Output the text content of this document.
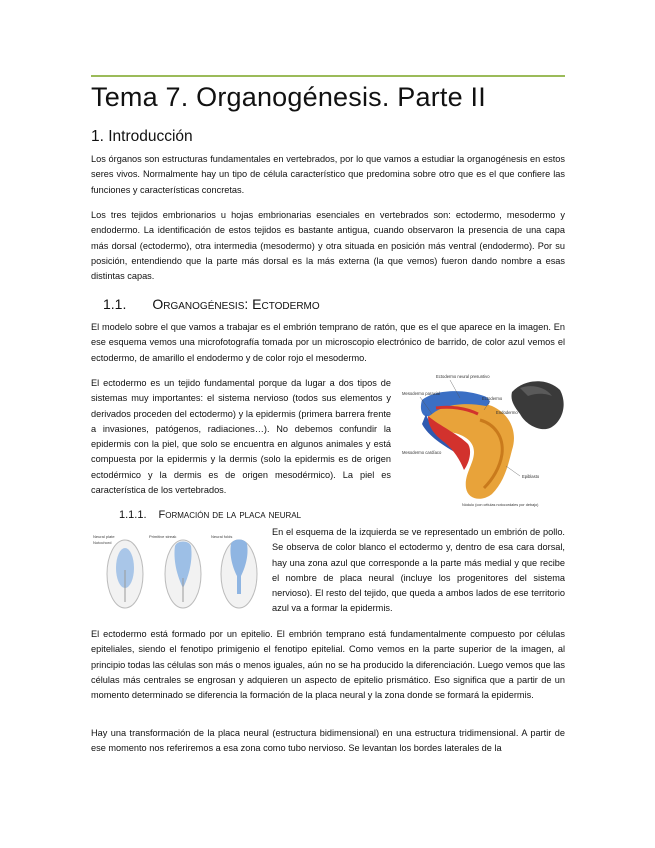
Tema 7. Organogénesis. Parte II
1. Introducción

Los órganos son estructuras fundamentales en vertebrados, por lo que vamos a estudiar la organogénesis en estos seres vivos. Normalmente hay un tipo de célula característico que predomina sobre otro que es el que confiere las funciones y características concretas.

Los tres tejidos embrionarios u hojas embrionarias esenciales en vertebrados son: ectodermo, mesodermo y endodermo. La identificación de estos tejidos es bastante antigua, cuando observaron la presencia de una capa más dorsal (ectodermo), otra intermedia (mesodermo) y otra situada en posición más ventral (endodermo). Por su posición, entendiendo que la parte más dorsal es la más externa (la que vemos) fueron dando nombre a esas distintas capas.

1.1. Organogénesis: Ectodermo

El modelo sobre el que vamos a trabajar es el embrión temprano de ratón, que es el que aparece en la imagen. En ese esquema vemos una microfotografía tomada por un microscopio electrónico de barrido, de color azul vemos el ectodermo, de amarillo el endodermo y de color rojo el mesodermo.

El ectodermo es un tejido fundamental porque da lugar a dos tipos de sistemas muy importantes: el sistema nervioso (todos sus elementos y derivados proceden del ectodermo) y la epidermis (primera barrera frente a invasiones, patógenos, radiaciones…). No debemos confundir la epidermis con la piel, que solo se encuentra en algunos animales y está compuesta por la epidermis y la dermis (solo la epidermis es de origen ectodérmico y la dermis es de origen mesodérmico). La piel es característica de los vertebrados.

Ectodermo neural presuntivo
Mesodermo paraxial
Ectodermo
Endodermo
Mesodermo cardíaco
Epiblasto
Nódulo (con células notocordales por debajo)
1.1.1. Formación de la placa neural
Neural plate
Notochord
Primitive streak	Neural folds	En el esquema de la izquierda se ve representado un embrión de pollo. Se observa de color blanco el ectodermo y, dentro de esa cara dorsal, hay una zona azul que corresponde a la parte más medial y que recibe el nombre de placa neural (incluye los progenitores del sistema nervioso). El resto del tejido, que queda a ambos lados de ese territorio azul va a formar la epidermis.

El ectodermo está formado por un epitelio. El embrión temprano está fundamentalmente compuesto por células epiteliales, siendo el fenotipo primigenio el fenotipo epitelial. Como vemos en la parte superior de la imagen, al principio todas las células son más o menos iguales, aún no se ha producido la diferenciación. Luego vemos que las células más centrales se engrosan y adquieren un aspecto de epitelio prismático. Eso significa que a partir de un momento determinado se diferencia la formación de la placa neural y la zona donde se formará la epidermis.

Hay una transformación de la placa neural (estructura bidimensional) en una estructura tridimensional. A partir de ese momento nos referiremos a esa zona como tubo nervioso. Se levantan los bordes laterales de la
